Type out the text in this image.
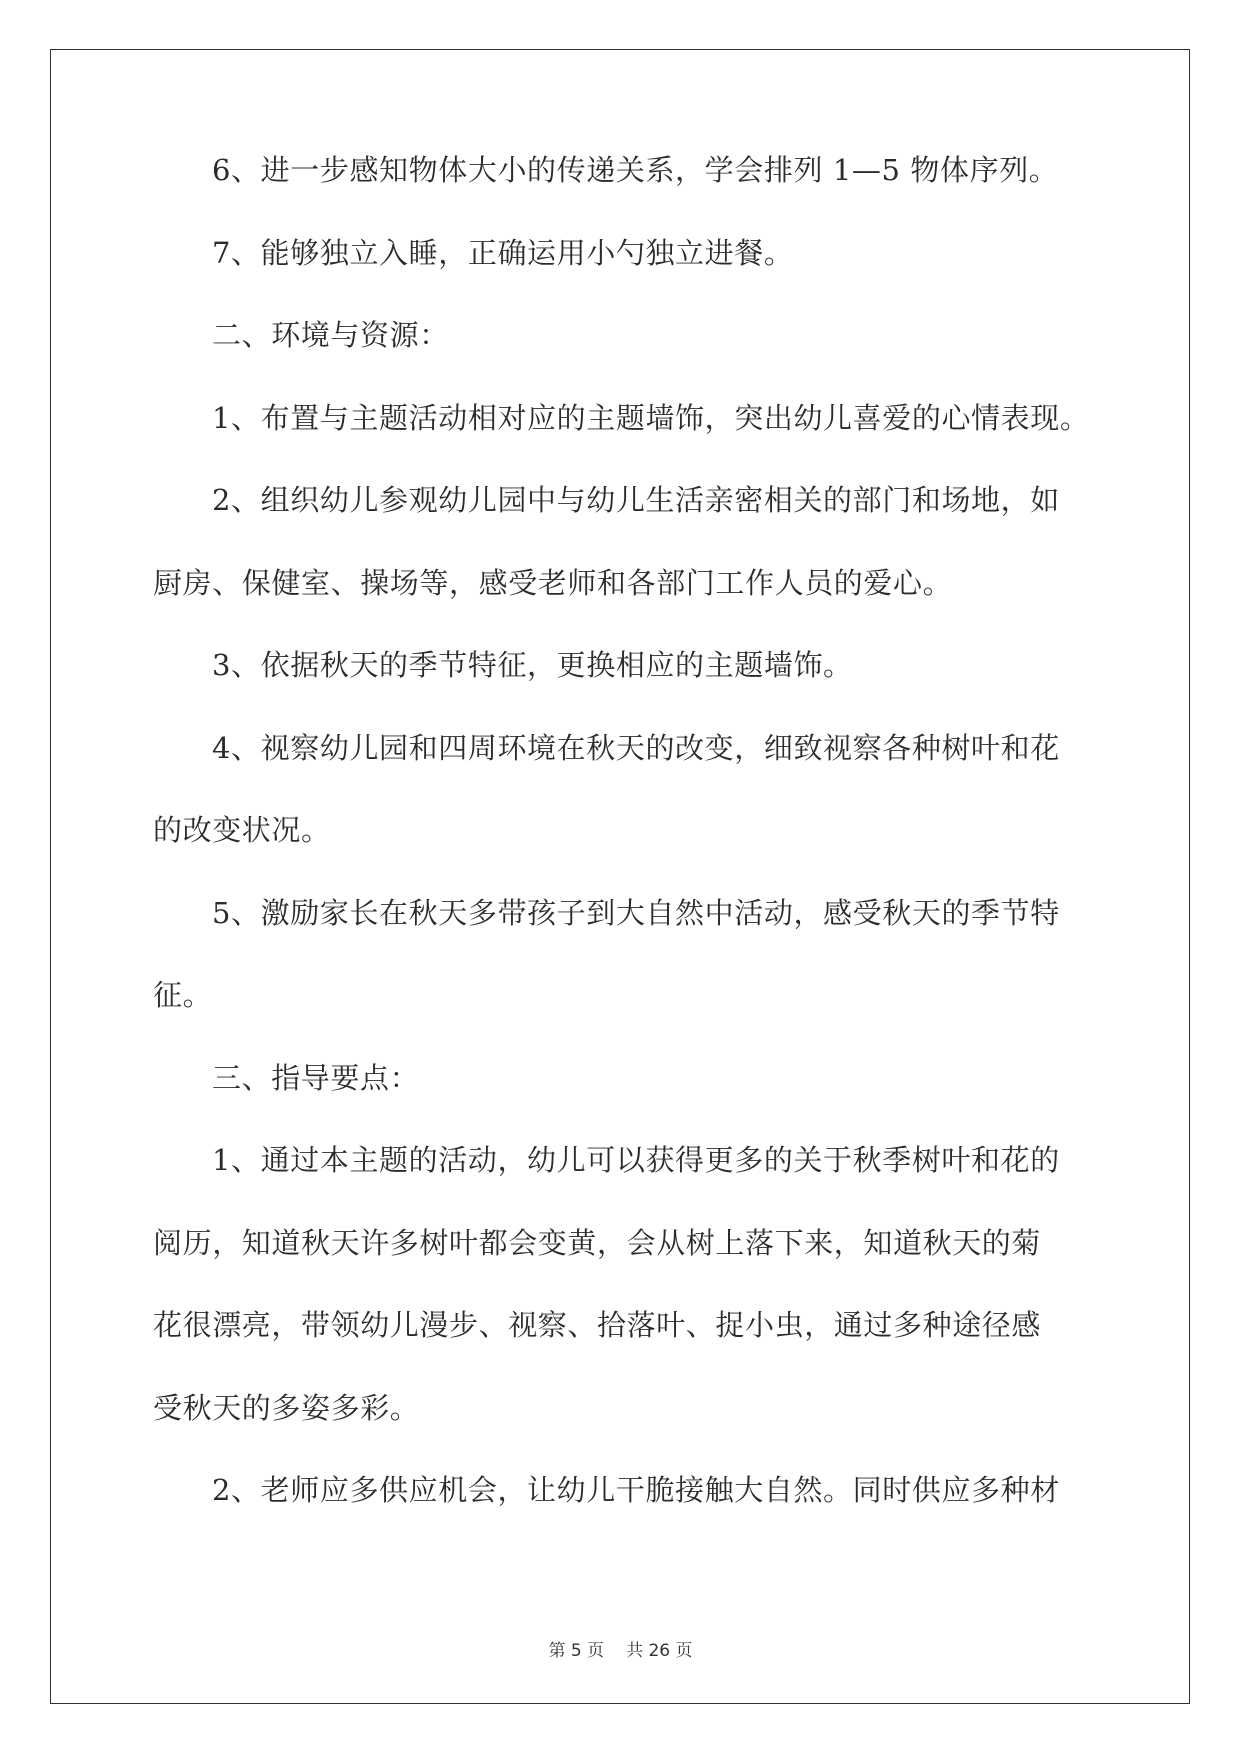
6、进一步感知物体大小的传递关系，学会排列 1—5 物体序列。
7、能够独立入睡，正确运用小勺独立进餐。
二、环境与资源：
1、布置与主题活动相对应的主题墙饰，突出幼儿喜爱的心情表现。
2、组织幼儿参观幼儿园中与幼儿生活亲密相关的部门和场地，如
厨房、保健室、操场等，感受老师和各部门工作人员的爱心。
3、依据秋天的季节特征，更换相应的主题墙饰。
4、视察幼儿园和四周环境在秋天的改变，细致视察各种树叶和花
的改变状况。
5、激励家长在秋天多带孩子到大自然中活动，感受秋天的季节特
征。
三、指导要点：
1、通过本主题的活动，幼儿可以获得更多的关于秋季树叶和花的
阅历，知道秋天许多树叶都会变黄，会从树上落下来，知道秋天的菊
花很漂亮，带领幼儿漫步、视察、拾落叶、捉小虫，通过多种途径感
受秋天的多姿多彩。
2、老师应多供应机会，让幼儿干脆接触大自然。同时供应多种材
第 5 页 共 26 页
